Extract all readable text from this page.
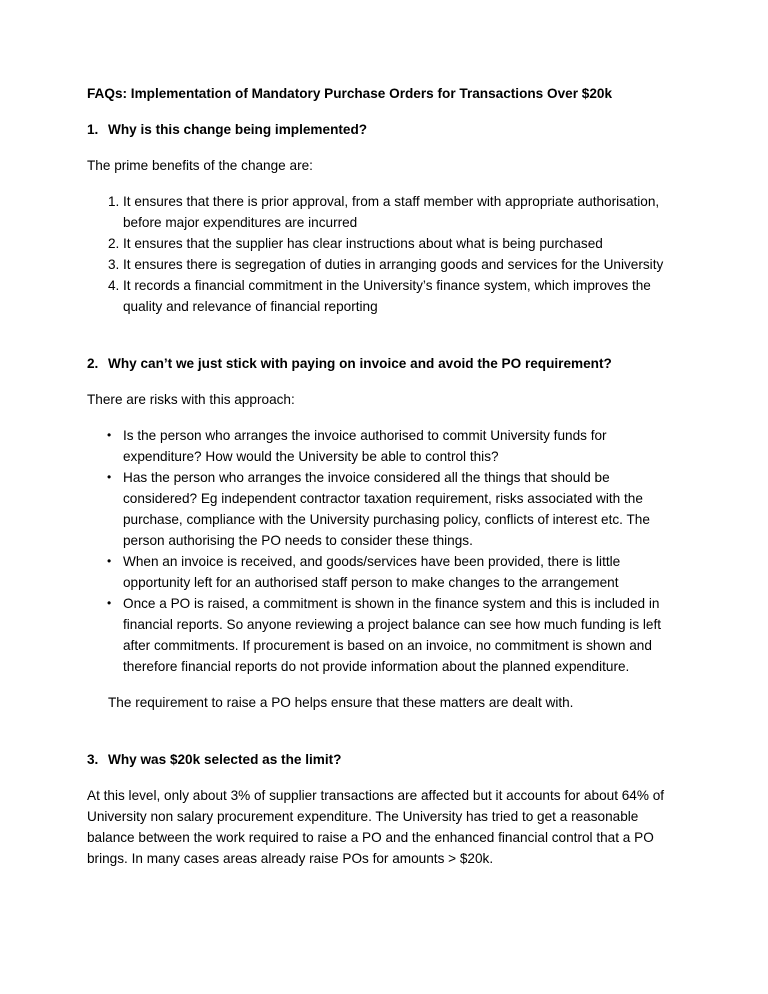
FAQs: Implementation of Mandatory Purchase Orders for Transactions Over $20k
1. Why is this change being implemented?

The prime benefits of the change are:

1. It ensures that there is prior approval, from a staff member with appropriate authorisation, before major expenditures are incurred
2. It ensures that the supplier has clear instructions about what is being purchased
3. It ensures there is segregation of duties in arranging goods and services for the University
4. It records a financial commitment in the University’s finance system, which improves the quality and relevance of financial reporting
2. Why can’t we just stick with paying on invoice and avoid the PO requirement?

There are risks with this approach:

• Is the person who arranges the invoice authorised to commit University funds for expenditure? How would the University be able to control this?
• Has the person who arranges the invoice considered all the things that should be considered? Eg independent contractor taxation requirement, risks associated with the purchase, compliance with the University purchasing policy, conflicts of interest etc. The person authorising the PO needs to consider these things.
• When an invoice is received, and goods/services have been provided, there is little opportunity left for an authorised staff person to make changes to the arrangement
• Once a PO is raised, a commitment is shown in the finance system and this is included in financial reports. So anyone reviewing a project balance can see how much funding is left after commitments. If procurement is based on an invoice, no commitment is shown and therefore financial reports do not provide information about the planned expenditure.

The requirement to raise a PO helps ensure that these matters are dealt with.

3. Why was $20k selected as the limit?

At this level, only about 3% of supplier transactions are affected but it accounts for about 64% of University non salary procurement expenditure. The University has tried to get a reasonable balance between the work required to raise a PO and the enhanced financial control that a PO brings. In many cases areas already raise POs for amounts > $20k.
